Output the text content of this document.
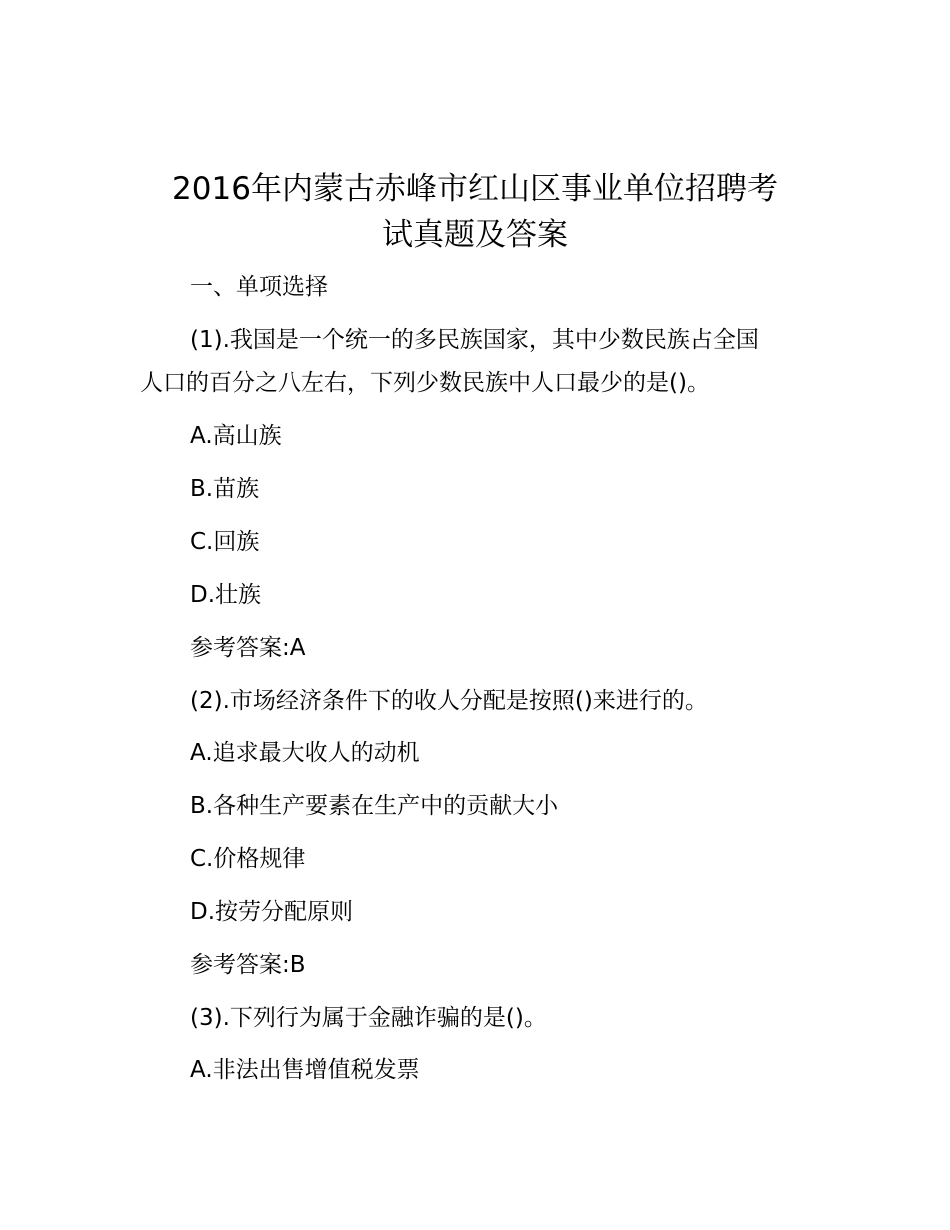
2016年内蒙古赤峰市红山区事业单位招聘考
试真题及答案

一、单项选择

(1).我国是一个统一的多民族国家，其中少数民族占全国

人口的百分之八左右，下列少数民族中人口最少的是()。

A.高山族

B.苗族

C.回族

D.壮族

参考答案:A

(2).市场经济条件下的收人分配是按照()来进行的。

A.追求最大收人的动机

B.各种生产要素在生产中的贡献大小

C.价格规律

D.按劳分配原则

参考答案:B

(3).下列行为属于金融诈骗的是()。

A.非法出售增值税发票
